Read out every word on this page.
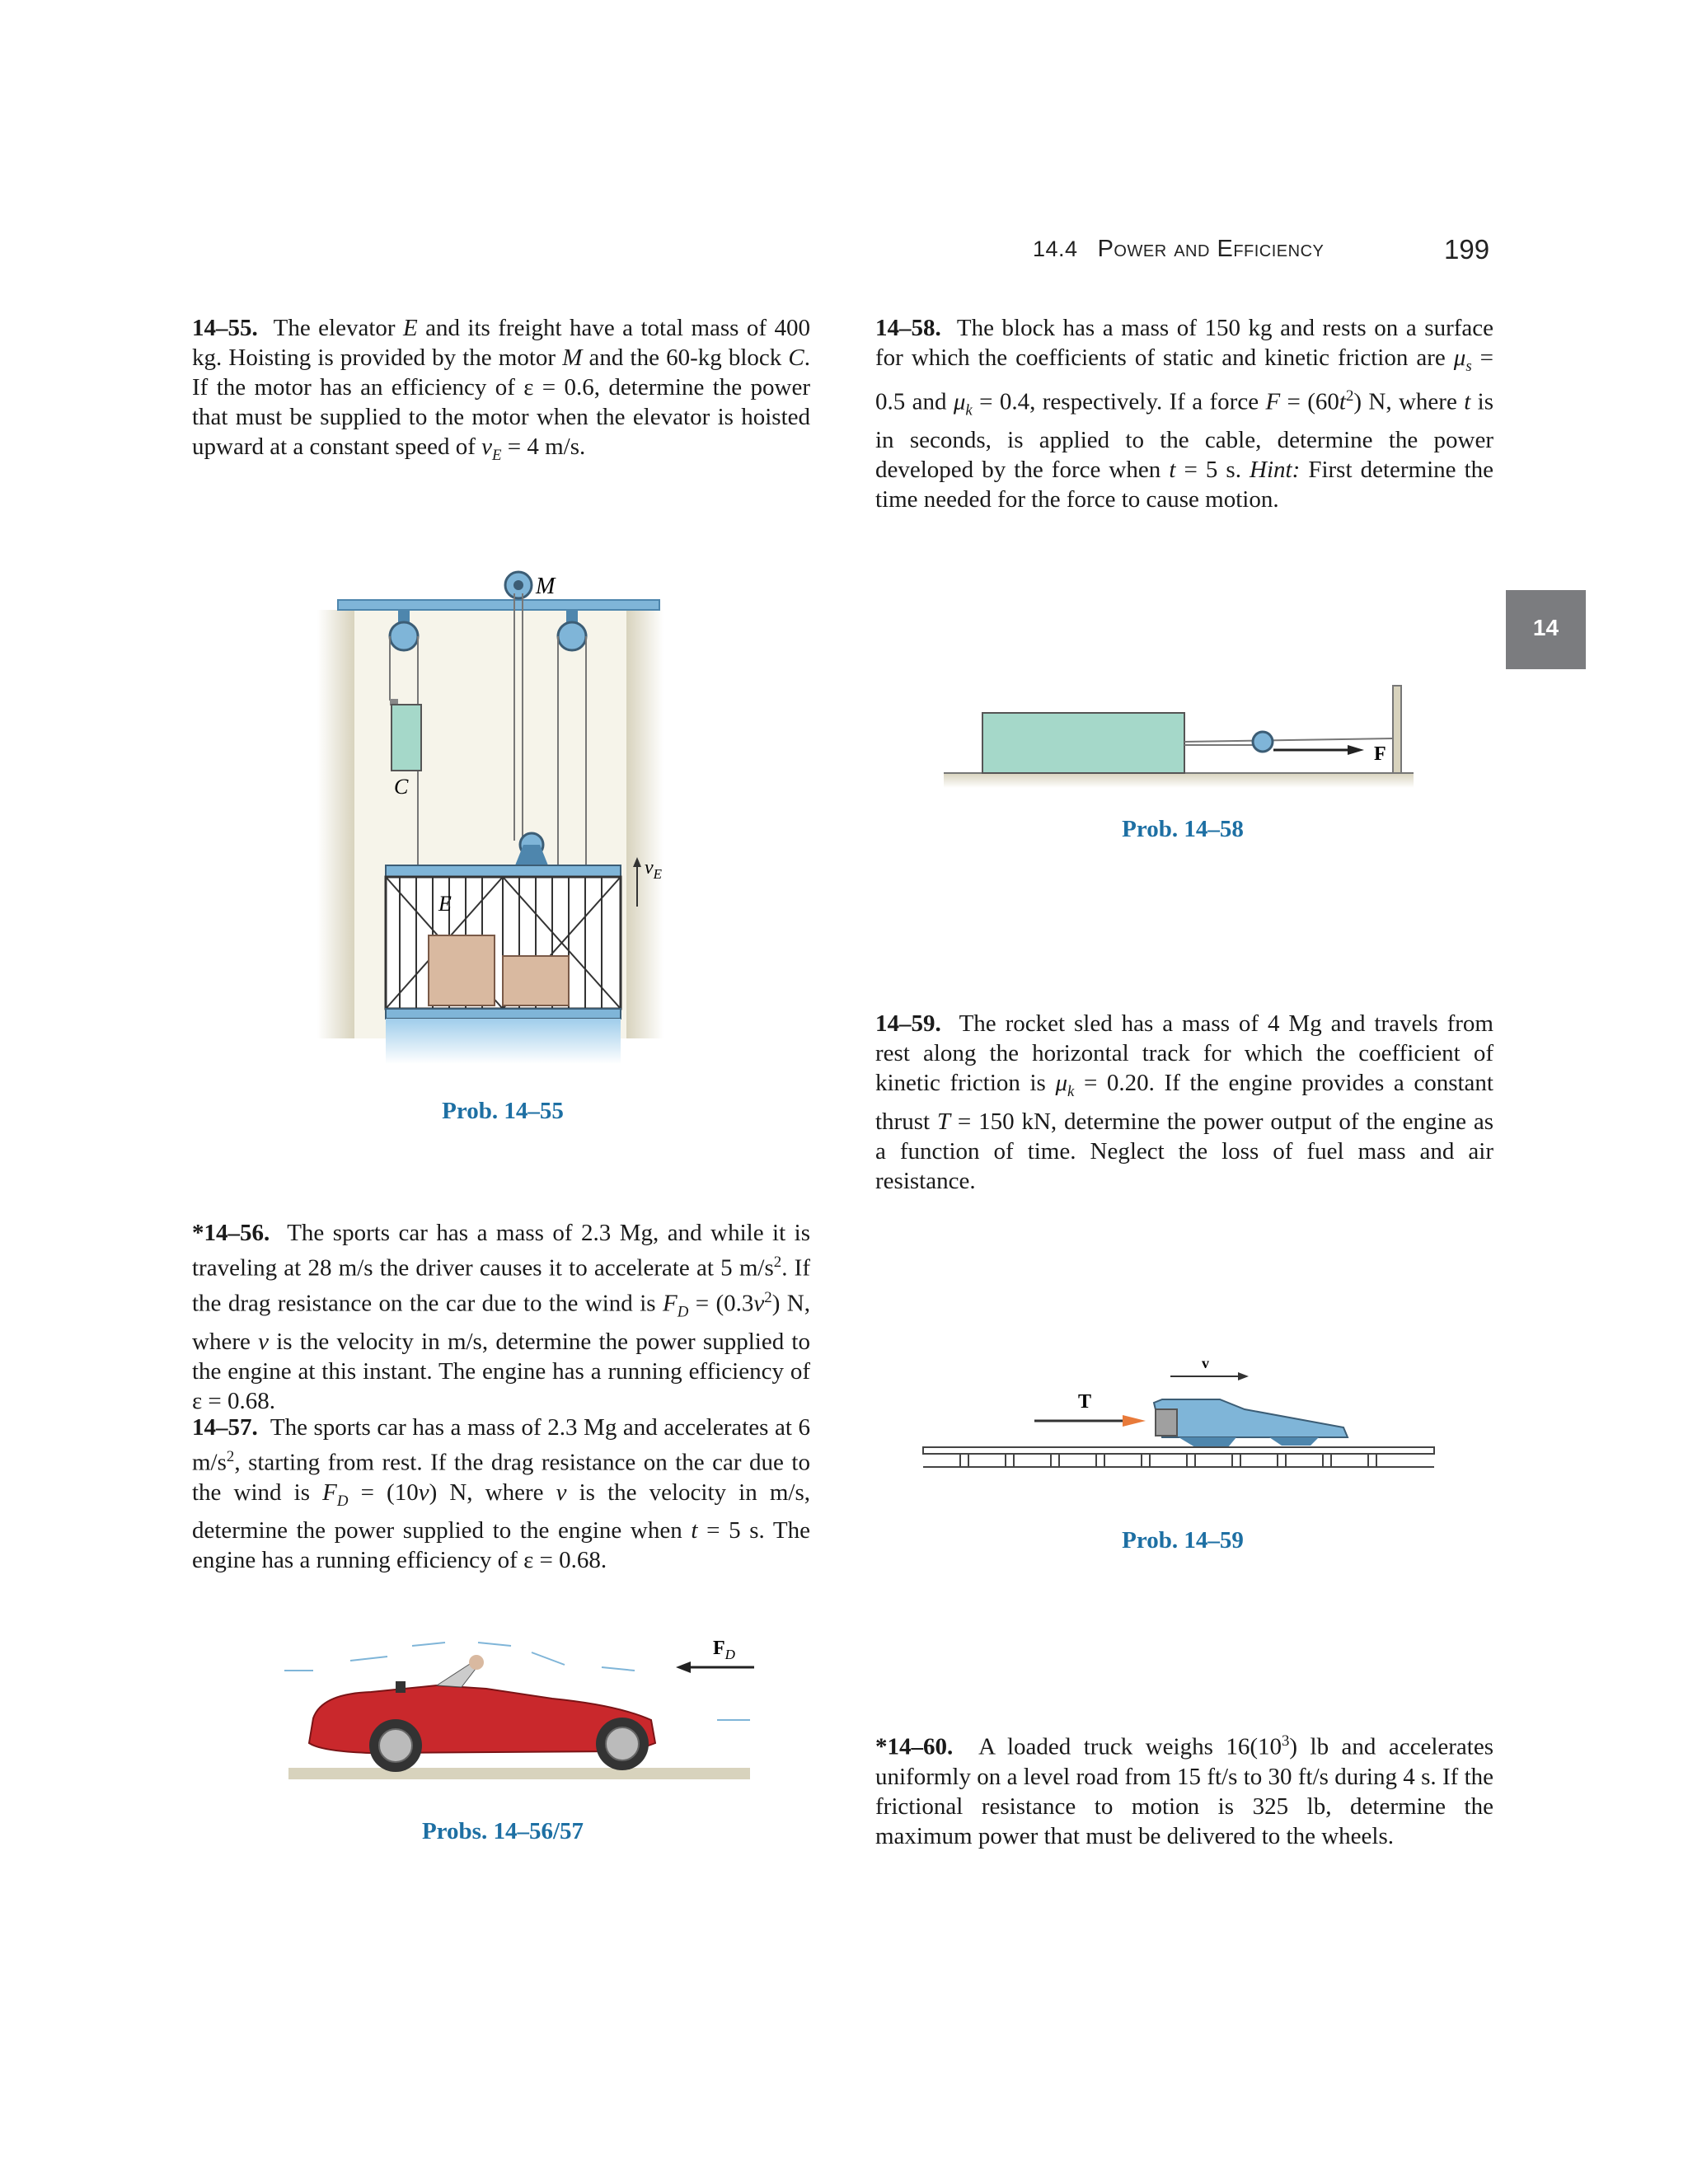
14.4 Power and Efficiency	199
14
14–55. The elevator E and its freight have a total mass of 400 kg. Hoisting is provided by the motor M and the 60-kg block C. If the motor has an efficiency of ε = 0.6, determine the power that must be supplied to the motor when the elevator is hoisted upward at a constant speed of $v_E = 4$ m/s.
14–58. The block has a mass of 150 kg and rests on a surface for which the coefficients of static and kinetic friction are $\mu_s = 0.5$ and $\mu_k = 0.4$, respectively. If a force $F = (60t^2)$ N, where t is in seconds, is applied to the cable, determine the power developed by the force when t = 5 s. Hint: First determine the time needed for the force to cause motion.
M
C
E
$v_E$
Prob. 14–55
F
Prob. 14–58
14–59. The rocket sled has a mass of 4 Mg and travels from rest along the horizontal track for which the coefficient of kinetic friction is $\mu_k = 0.20$. If the engine provides a constant thrust T = 150 kN, determine the power output of the engine as a function of time. Neglect the loss of fuel mass and air resistance.
*14–56. The sports car has a mass of 2.3 Mg, and while it is traveling at 28 m/s the driver causes it to accelerate at 5 $m/s^2$. If the drag resistance on the car due to the wind is $F_D = (0.3v^2)$ N, where v is the velocity in m/s, determine the power supplied to the engine at this instant. The engine has a running efficiency of ε = 0.68.
14–57. The sports car has a mass of 2.3 Mg and accelerates at 6 $m/s^2$, starting from rest. If the drag resistance on the car due to the wind is $F_D = (10v)$ N, where v is the velocity in m/s, determine the power supplied to the engine when t = 5 s. The engine has a running efficiency of ε = 0.68.
v
T
Prob. 14–59
$F_D$
Probs. 14–56/57
*14–60. A loaded truck weighs $16(10^3)$ lb and accelerates uniformly on a level road from 15 ft/s to 30 ft/s during 4 s. If the frictional resistance to motion is 325 lb, determine the maximum power that must be delivered to the wheels.
